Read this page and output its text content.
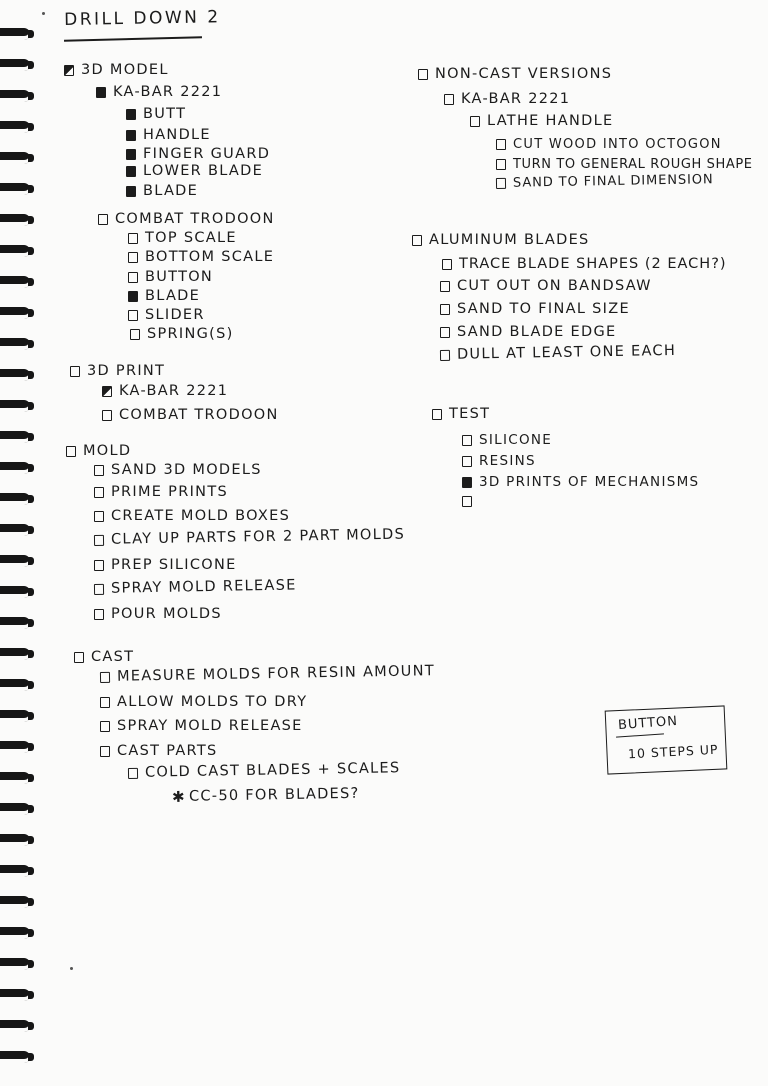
DRILL DOWN 2
3D MODEL
KA-BAR 2221
BUTT
HANDLE
FINGER GUARD
LOWER BLADE
BLADE
COMBAT TRODOON
TOP SCALE
BOTTOM SCALE
BUTTON
BLADE
SLIDER
SPRING(S)
3D PRINT
KA-BAR 2221
COMBAT TRODOON
MOLD
SAND 3D MODELS
PRIME PRINTS
CREATE MOLD BOXES
CLAY UP PARTS FOR 2 PART MOLDS
PREP SILICONE
SPRAY MOLD RELEASE
POUR MOLDS
CAST
MEASURE MOLDS FOR RESIN AMOUNT
ALLOW MOLDS TO DRY
SPRAY MOLD RELEASE
CAST PARTS
COLD CAST BLADES + SCALES
✱ CC-50 FOR BLADES?
NON-CAST VERSIONS
KA-BAR 2221
LATHE HANDLE
CUT WOOD INTO OCTOGON
TURN TO GENERAL ROUGH SHAPE
SAND TO FINAL DIMENSION
ALUMINUM BLADES
TRACE BLADE SHAPES (2 EACH?)
CUT OUT ON BANDSAW
SAND TO FINAL SIZE
SAND BLADE EDGE
DULL AT LEAST ONE EACH
TEST
SILICONE
RESINS
3D PRINTS OF MECHANISMS
BUTTON
10 STEPS UP
